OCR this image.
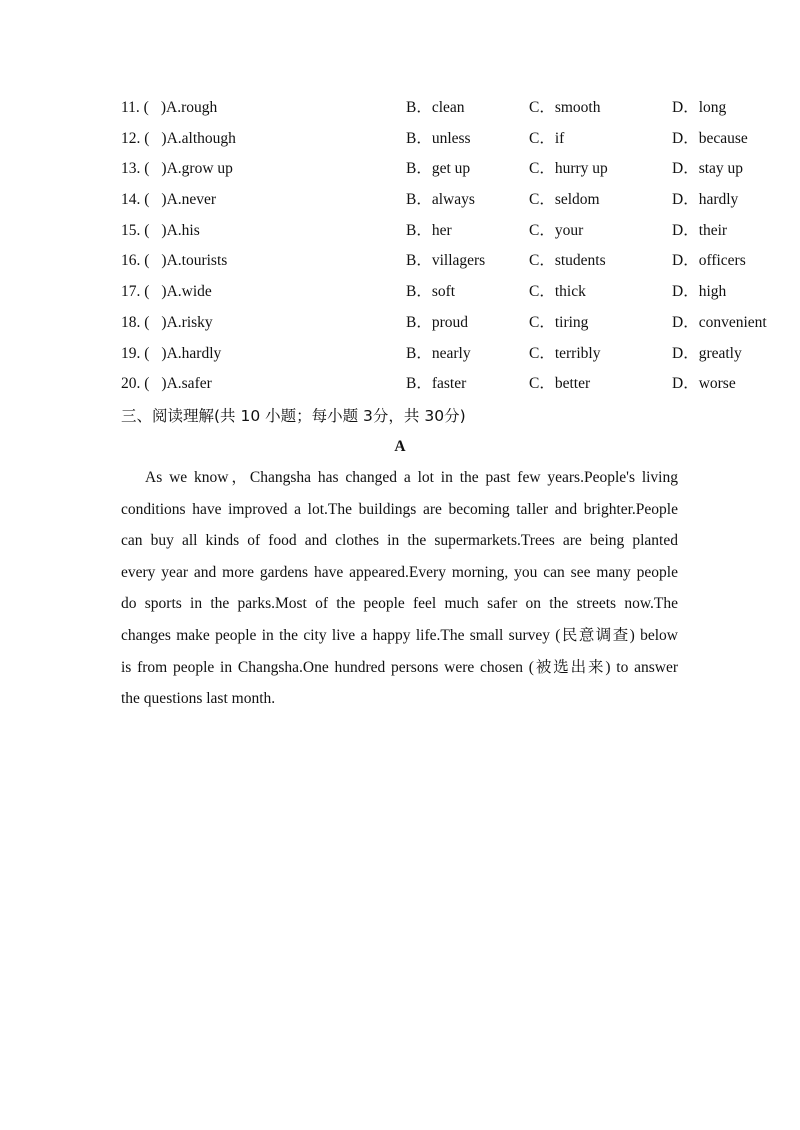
11. ( )A.rough	B．clean	C．smooth	D．long
12. ( )A.although	B．unless	C．if	D．because
13. ( )A.grow up	B．get up	C．hurry up	D．stay up
14. ( )A.never	B．always	C．seldom	D．hardly
15. ( )A.his	B．her	C．your	D．their
16. ( )A.tourists	B．villagers	C．students	D．officers
17. ( )A.wide	B．soft	C．thick	D．high
18. ( )A.risky	B．proud	C．tiring	D．convenient
19. ( )A.hardly	B．nearly	C．terribly	D．greatly
20. ( )A.safer	B．faster	C．better	D．worse
三、阅读理解(共 10 小题；每小题 3分，共 30分)
A
As we know，Changsha has changed a lot in the past few years.People's living
conditions have improved a lot.The buildings are becoming taller and brighter.People
can buy all kinds of food and clothes in the supermarkets.Trees are being planted
every year and more gardens have appeared.Every morning, you can see many people
do sports in the parks.Most of the people feel much safer on the streets now.The
changes make people in the city live a happy life.The small survey (民意调查) below
is from people in Changsha.One hundred persons were chosen (被选出来) to answer
the questions last month.
